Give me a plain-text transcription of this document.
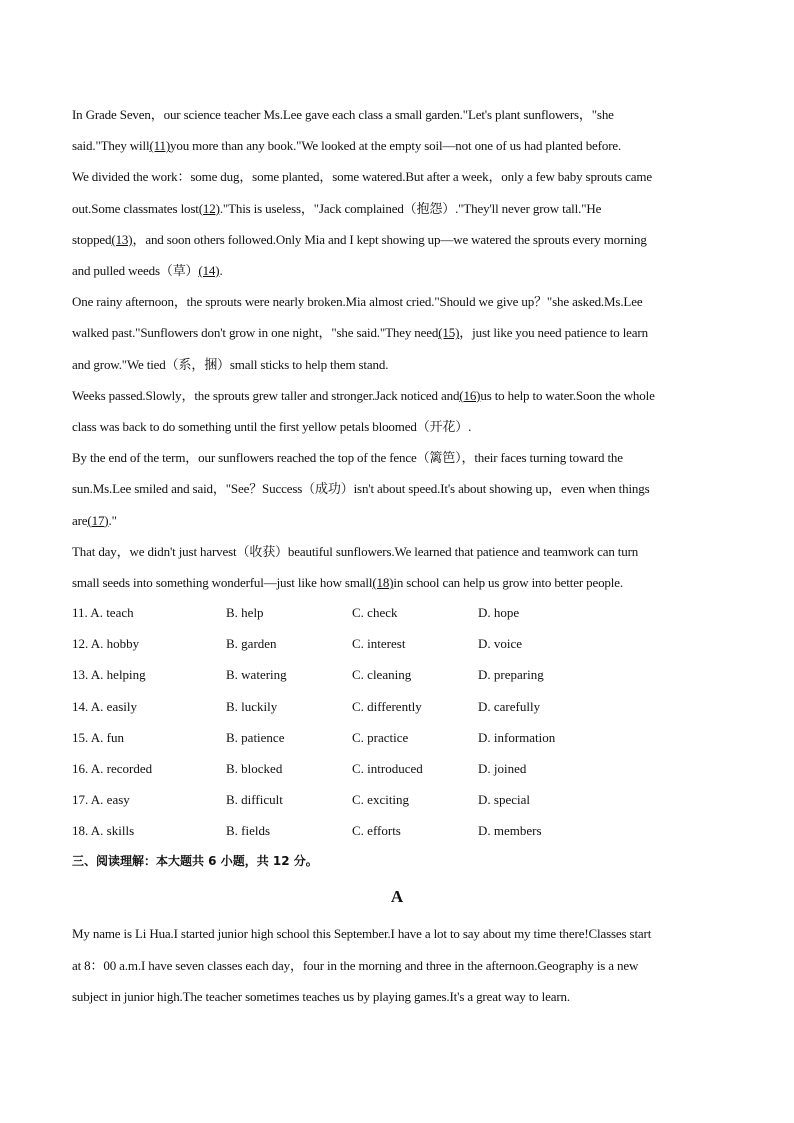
In Grade Seven，our science teacher Ms.Lee gave each class a small garden."Let's plant sunflowers，"she

said."They will(11)you more than any book."We looked at the empty soil—not one of us had planted before.

We divided the work：some dug，some planted，some watered.But after a week，only a few baby sprouts came

out.Some classmates lost(12)."This is useless，"Jack complained（抱怨）."They'll never grow tall."He

stopped(13)，and soon others followed.Only Mia and I kept showing up—we watered the sprouts every morning

and pulled weeds（草）(14).

One rainy afternoon，the sprouts were nearly broken.Mia almost cried."Should we give up？"she asked.Ms.Lee

walked past."Sunflowers don't grow in one night，"she said."They need(15)，just like you need patience to learn

and grow."We tied（系，捆）small sticks to help them stand.

Weeks passed.Slowly，the sprouts grew taller and stronger.Jack noticed and(16)us to help to water.Soon the whole

class was back to do something until the first yellow petals bloomed（开花）.

By the end of the term，our sunflowers reached the top of the fence（篱笆），their faces turning toward the

sun.Ms.Lee smiled and said，"See？Success（成功）isn't about speed.It's about showing up，even when things

are(17)."

That day，we didn't just harvest（收获）beautiful sunflowers.We learned that patience and teamwork can turn

small seeds into something wonderful—just like how small(18)in school can help us grow into better people.

11. A. teach	B. help	C. check	D. hope
12. A. hobby	B. garden	C. interest	D. voice
13. A. helping	B. watering	C. cleaning	D. preparing
14. A. easily	B. luckily	C. differently	D. carefully
15. A. fun	B. patience	C. practice	D. information
16. A. recorded	B. blocked	C. introduced	D. joined
17. A. easy	B. difficult	C. exciting	D. special
18. A. skills	B. fields	C. efforts	D. members
三、阅读理解：本大题共 6 小题，共 12 分。
A

My name is Li Hua.I started junior high school this September.I have a lot to say about my time there!Classes start

at 8：00 a.m.I have seven classes each day，four in the morning and three in the afternoon.Geography is a new

subject in junior high.The teacher sometimes teaches us by playing games.It's a great way to learn.
